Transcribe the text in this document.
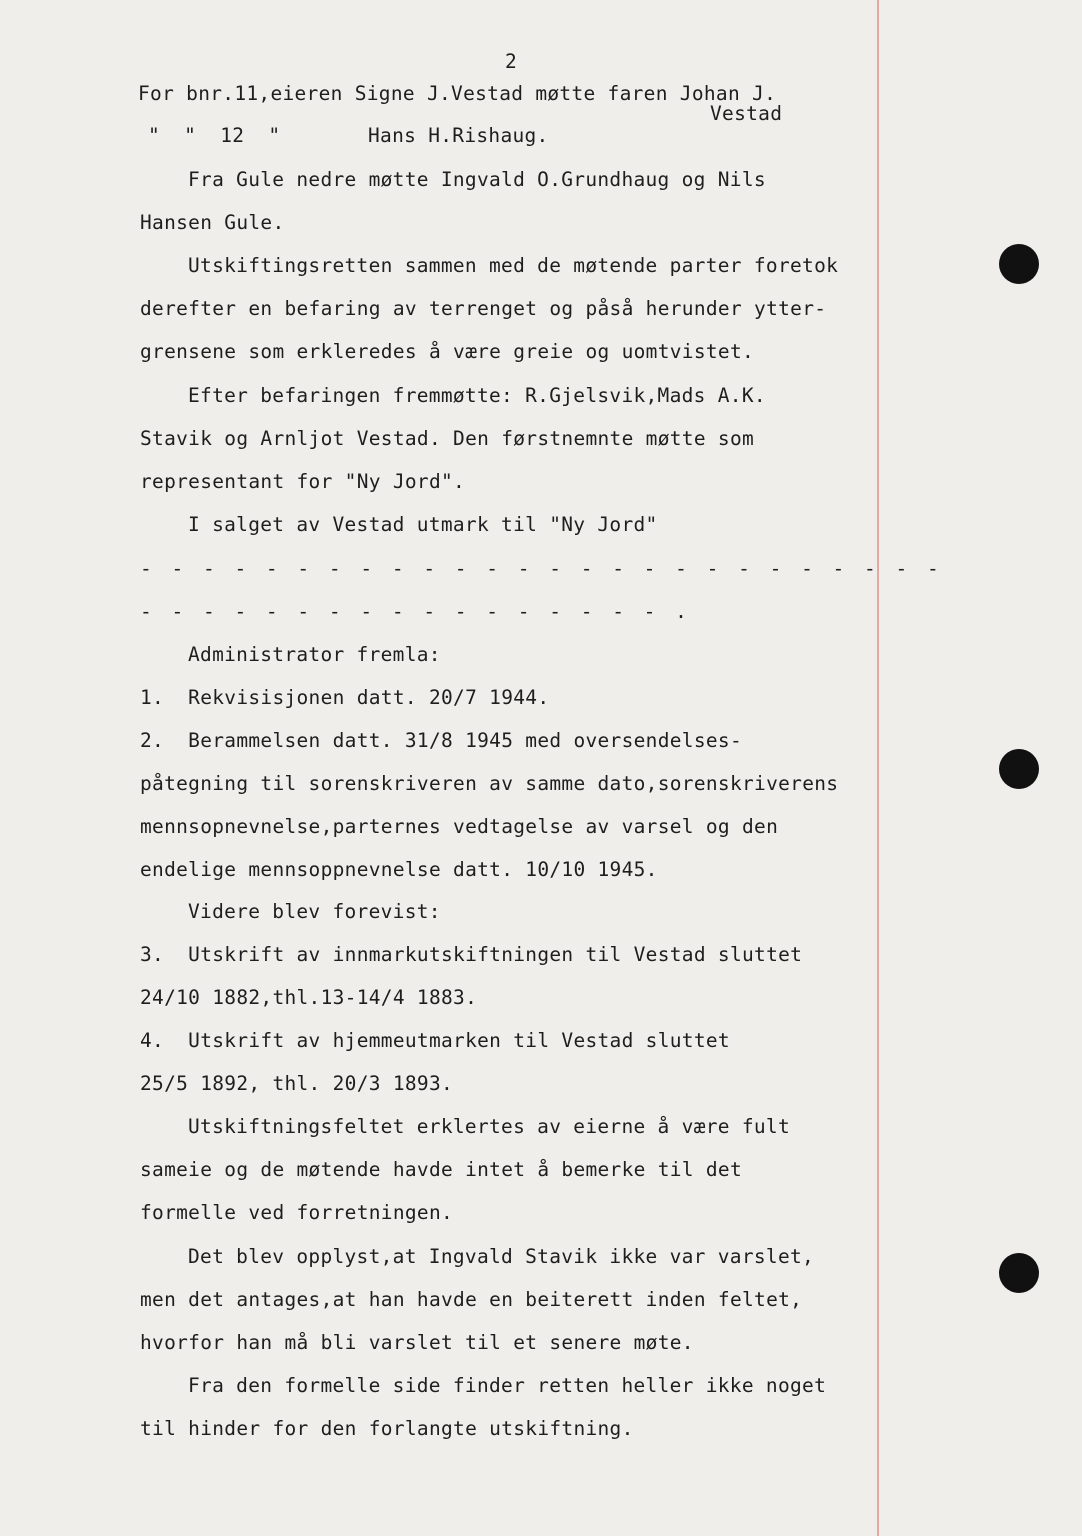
2
For bnr.11,eieren Signe J.Vestad møtte faren Johan J.
Vestad
"  "  12  "	Hans H.Rishaug.
Fra Gule nedre møtte Ingvald O.Grundhaug og Nils
Hansen Gule.
Utskiftingsretten sammen med de møtende parter foretok
derefter en befaring av terrenget og påså herunder ytter-
grensene som erkleredes å være greie og uomtvistet.
Efter befaringen fremmøtte: R.Gjelsvik,Mads A.K.
Stavik og Arnljot Vestad. Den førstnemnte møtte som
representant for "Ny Jord".
I salget av Vestad utmark til "Ny Jord"
- - - - - - - - - - - - - - - - - - - - - - - - - -
- - - - - - - - - - - - - - - - - .
Administrator fremla:
1.  Rekvisisjonen datt. 20/7 1944.
2.  Berammelsen datt. 31/8 1945 med oversendelses-
påtegning til sorenskriveren av samme dato,sorenskriverens
mennsopnevnelse,parternes vedtagelse av varsel og den
endelige mennsoppnevnelse datt. 10/10 1945.
Videre blev forevist:
3.  Utskrift av innmarkutskiftningen til Vestad sluttet
24/10 1882,thl.13-14/4 1883.
4.  Utskrift av hjemmeutmarken til Vestad sluttet
25/5 1892, thl. 20/3 1893.
Utskiftningsfeltet erklertes av eierne å være fult
sameie og de møtende havde intet å bemerke til det
formelle ved forretningen.
Det blev opplyst,at Ingvald Stavik ikke var varslet,
men det antages,at han havde en beiterett inden feltet,
hvorfor han må bli varslet til et senere møte.
Fra den formelle side finder retten heller ikke noget
til hinder for den forlangte utskiftning.
